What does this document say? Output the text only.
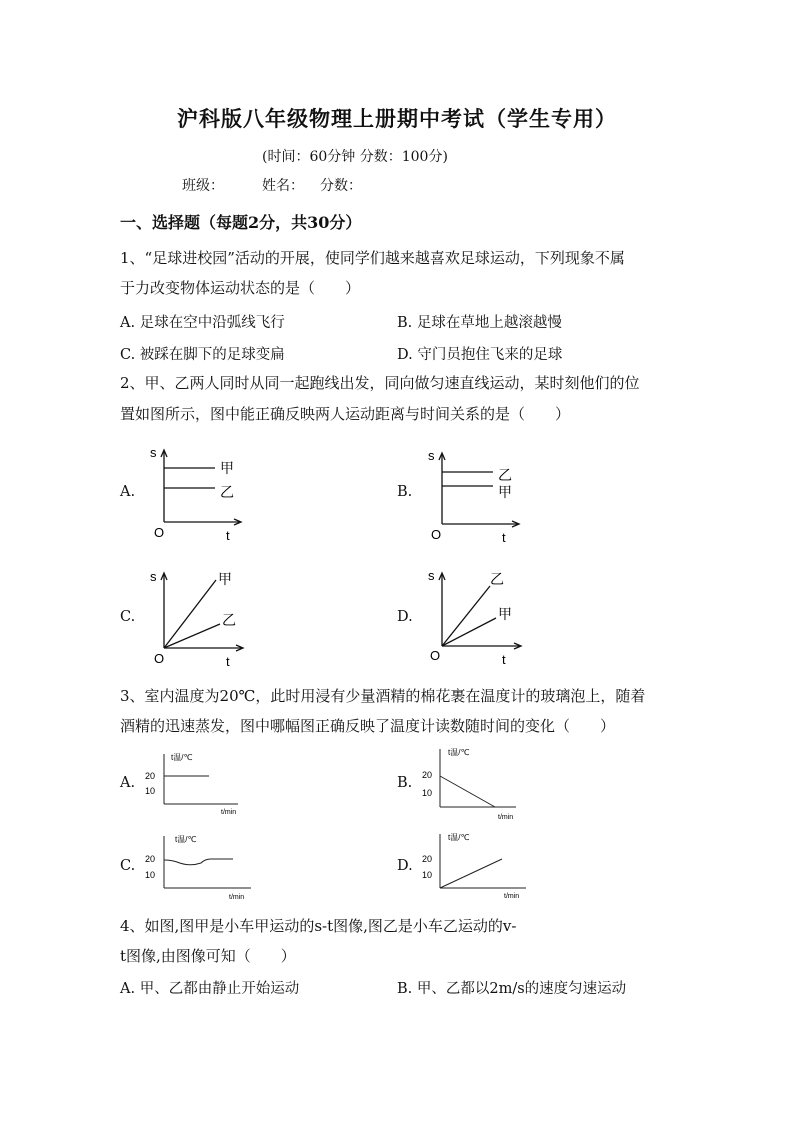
沪科版八年级物理上册期中考试（学生专用）
(时间：60分钟 分数：100分)
班级：	姓名： 分数：
一、选择题（每题2分，共30分）
1、“足球进校园”活动的开展，使同学们越来越喜欢足球运动，下列现象不属
于力改变物体运动状态的是（　　）
A. 足球在空中沿弧线飞行	B. 足球在草地上越滚越慢
C. 被踩在脚下的足球变扁	D. 守门员抱住飞来的足球
2、甲、乙两人同时从同一起跑线出发，同向做匀速直线运动，某时刻他们的位
置如图所示，图中能正确反映两人运动距离与时间关系的是（　　）
A.	B.
C.	D.
s
O	t
甲
乙
s
O	t
乙
甲
s
O	t
甲
乙
s
O	t
乙
甲
3、室内温度为20℃，此时用浸有少量酒精的棉花裹在温度计的玻璃泡上，随着
酒精的迅速蒸发，图中哪幅图正确反映了温度计读数随时间的变化（　　）
A.	B.
C.	D.
t温/℃
20
10
t/min
t温/℃
20
10
t/min
t温/℃
20
10
t/min
t温/℃
20
10
t/min
4、如图,图甲是小车甲运动的s-t图像,图乙是小车乙运动的v-
t图像,由图像可知（　　）
A. 甲、乙都由静止开始运动	B. 甲、乙都以2m/s的速度匀速运动
